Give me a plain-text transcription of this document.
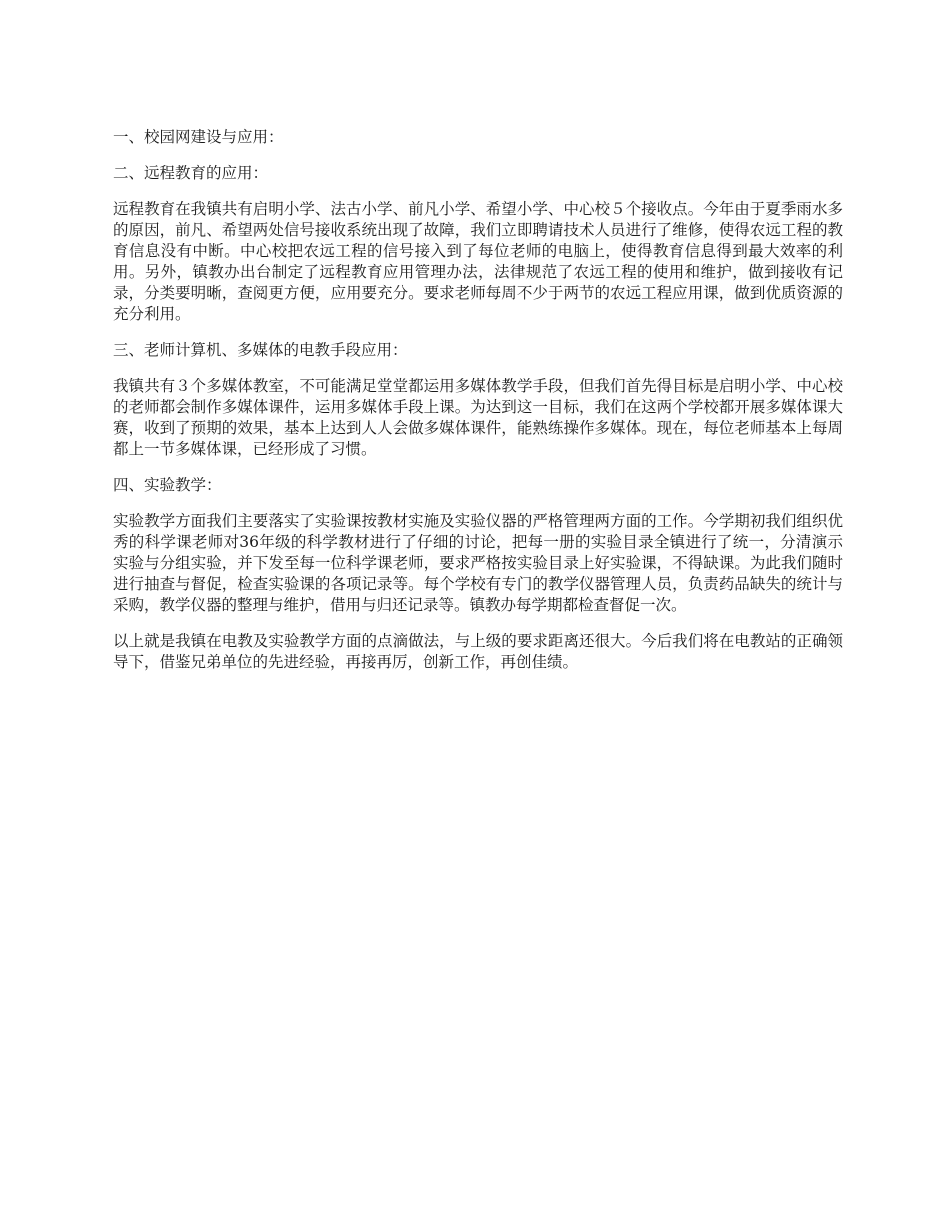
一、校园网建设与应用：

二、远程教育的应用：

远程教育在我镇共有启明小学、法古小学、前凡小学、希望小学、中心校５个接收点。今年由于夏季雨水多的原因，前凡、希望两处信号接收系统出现了故障，我们立即聘请技术人员进行了维修，使得农远工程的教育信息没有中断。中心校把农远工程的信号接入到了每位老师的电脑上，使得教育信息得到最大效率的利用。另外，镇教办出台制定了远程教育应用管理办法，法律规范了农远工程的使用和维护，做到接收有记录，分类要明晰，查阅更方便，应用要充分。要求老师每周不少于两节的农远工程应用课，做到优质资源的充分利用。

三、老师计算机、多媒体的电教手段应用：

我镇共有３个多媒体教室，不可能满足堂堂都运用多媒体教学手段，但我们首先得目标是启明小学、中心校的老师都会制作多媒体课件，运用多媒体手段上课。为达到这一目标，我们在这两个学校都开展多媒体课大赛，收到了预期的效果，基本上达到人人会做多媒体课件，能熟练操作多媒体。现在，每位老师基本上每周都上一节多媒体课，已经形成了习惯。

四、实验教学：

实验教学方面我们主要落实了实验课按教材实施及实验仪器的严格管理两方面的工作。今学期初我们组织优秀的科学课老师对36年级的科学教材进行了仔细的讨论，把每一册的实验目录全镇进行了统一，分清演示实验与分组实验，并下发至每一位科学课老师，要求严格按实验目录上好实验课，不得缺课。为此我们随时进行抽查与督促，检查实验课的各项记录等。每个学校有专门的教学仪器管理人员，负责药品缺失的统计与采购，教学仪器的整理与维护，借用与归还记录等。镇教办每学期都检查督促一次。

以上就是我镇在电教及实验教学方面的点滴做法，与上级的要求距离还很大。今后我们将在电教站的正确领导下，借鉴兄弟单位的先进经验，再接再厉，创新工作，再创佳绩。
